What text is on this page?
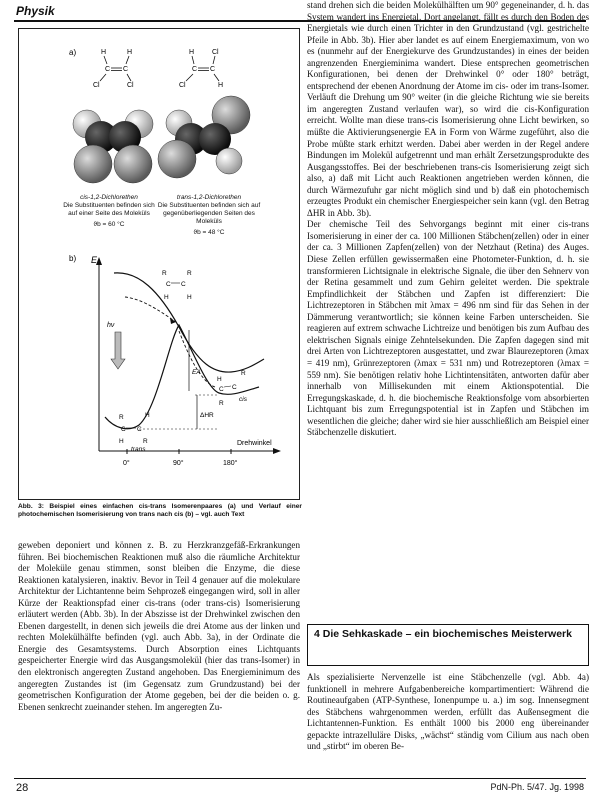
Physik
a)	H	H
C C
Cl	Cl
H	Cl
C C
Cl	H
b) E
Drehwinkel
0°	90°	180°
hν
EA
ΔHR
R	R
C C
H	H
H
R
C C
R
cis
R	H
C C
H	R
trans
cis-1,2-Dichlorethen
Die Substituenten befinden sich auf einer Seite des Moleküls
ϑb = 60 °C
trans-1,2-Dichlorethen
Die Substituenten befinden sich auf gegenüberliegenden Seiten des Moleküls
ϑb = 48 °C
Abb. 3: Beispiel eines einfachen cis-trans Isomerenpaares (a) und Verlauf einer photochemischen Isomerisierung von trans nach cis (b) – vgl. auch Text

stand drehen sich die beiden Molekülhälften um 90° gegeneinander, d. h. das System wandert ins Energietal. Dort angelangt, fällt es durch den Boden des Energietals wie durch einen Trichter in den Grundzustand (vgl. gestrichelte Pfeile in Abb. 3b). Hier aber landet es auf einem Energiemaximum, von wo es (nunmehr auf der Energiekurve des Grundzustandes) in eines der beiden angrenzenden Energieminima wandert. Diese entsprechen geometrischen Konfigurationen, bei denen der Drehwinkel 0° oder 180° beträgt, entsprechend der ebenen Anordnung der Atome im cis- oder im trans-Isomer. Verläuft die Drehung um 90° weiter (in die gleiche Richtung wie sie bereits im angeregten Zustand verlaufen war), so wird die cis-Konfiguration erreicht. Wollte man diese trans-cis Isomerisierung ohne Licht bewirken, so müßte die Aktivierungsenergie EA in Form von Wärme zugeführt, also die Probe müßte stark erhitzt werden. Dabei aber werden in der Regel andere Bindungen im Molekül aufgetrennt und man erhält Zersetzungsprodukte des Ausgangsstoffes. Bei der beschriebenen trans-cis Isomerisierung zeigt sich also, a) daß mit Licht auch Reaktionen angetrieben werden können, die durch Wärmezufuhr gar nicht möglich sind und b) daß ein photochemisch erzeugtes Produkt ein chemischer Energiespeicher sein kann (vgl. den Betrag ΔHR in Abb. 3b).

Der chemische Teil des Sehvorgangs beginnt mit einer cis-trans Isomerisierung in einer der ca. 100 Millionen Stäbchen(zellen) oder in einer der ca. 3 Millionen Zapfen(zellen) von der Netzhaut (Retina) des Auges. Diese Zellen erfüllen gewissermaßen eine Photometer-Funktion, d. h. sie transformieren Lichtsignale in elektrische Signale, die über den Sehnerv von der Retina gesammelt und zum Gehirn geleitet werden. Die spektrale Empfindlichkeit der Stäbchen und Zapfen ist differenziert: Die Lichtrezeptoren in Stäbchen mit λmax = 496 nm sind für das Sehen in der Dämmerung verantwortlich; sie können keine Farben unterscheiden. Sie reagieren auf extrem schwache Lichtreize und benötigen bis zum Aufbau des elektrischen Signals einige Zehntelsekunden. Die Zapfen dagegen sind mit drei Arten von Lichtrezeptoren ausgestattet, und zwar Blaurezeptoren (λmax = 419 nm), Grünrezeptoren (λmax = 531 nm) und Rotrezeptoren (λmax = 559 nm). Sie benötigen relativ hohe Lichtintensitäten, antworten dafür aber innerhalb von Millisekunden mit einem Aktionspotential. Die Erregungskaskade, d. h. die biochemische Reaktionsfolge vom absorbierten Lichtquant bis zum Erregungspotential ist in Zapfen und Stäbchen im wesentlichen die gleiche; daher wird sie hier ausschließlich am Beispiel einer Stäbchenzelle diskutiert.

4 Die Sehkaskade – ein biochemisches Meisterwerk

Als spezialisierte Nervenzelle ist eine Stäbchenzelle (vgl. Abb. 4a) funktionell in mehrere Aufgabenbereiche kompartimentiert: Während die Routineaufgaben (ATP-Synthese, Ionenpumpe u. a.) im sog. Innensegment des Stäbchens wahrgenommen werden, erfüllt das Außensegment die Lichtantennen-Funktion. Es enthält 1000 bis 2000 eng übereinander gepackte intrazelluläre Disks, „wächst“ ständig vom Cilium aus nach oben und „stirbt“ im oberen Be-

geweben deponiert und können z. B. zu Herzkranzgefäß-Erkrankungen führen. Bei biochemischen Reaktionen muß also die räumliche Architektur der Moleküle genau stimmen, sonst bleiben die Enzyme, die diese Reaktionen katalysieren, inaktiv. Bevor in Teil 4 genauer auf die molekulare Architektur der Lichtantenne beim Sehprozeß eingegangen wird, soll in aller Kürze der Reaktionspfad einer cis-trans (oder trans-cis) Isomerisierung erläutert werden (Abb. 3b). In der Abszisse ist der Drehwinkel zwischen den Ebenen dargestellt, in denen sich jeweils die drei Atome aus der linken und rechten Molekülhälfte befinden (vgl. auch Abb. 3a), in der Ordinate die Energie des Gesamtsystems. Durch Absorption eines Lichtquants gespeicherter Energie wird das Ausgangsmolekül (hier das trans-Isomer) in den elektronisch angeregten Zustand angehoben. Das Energieminimum des angeregten Zustandes ist (im Gegensatz zum Grundzustand) bei der geometrischen Konfiguration der Atome gegeben, bei der die beiden o. g. Ebenen senkrecht zueinander stehen. Im angeregten Zu-

28	PdN-Ph. 5/47. Jg. 1998
